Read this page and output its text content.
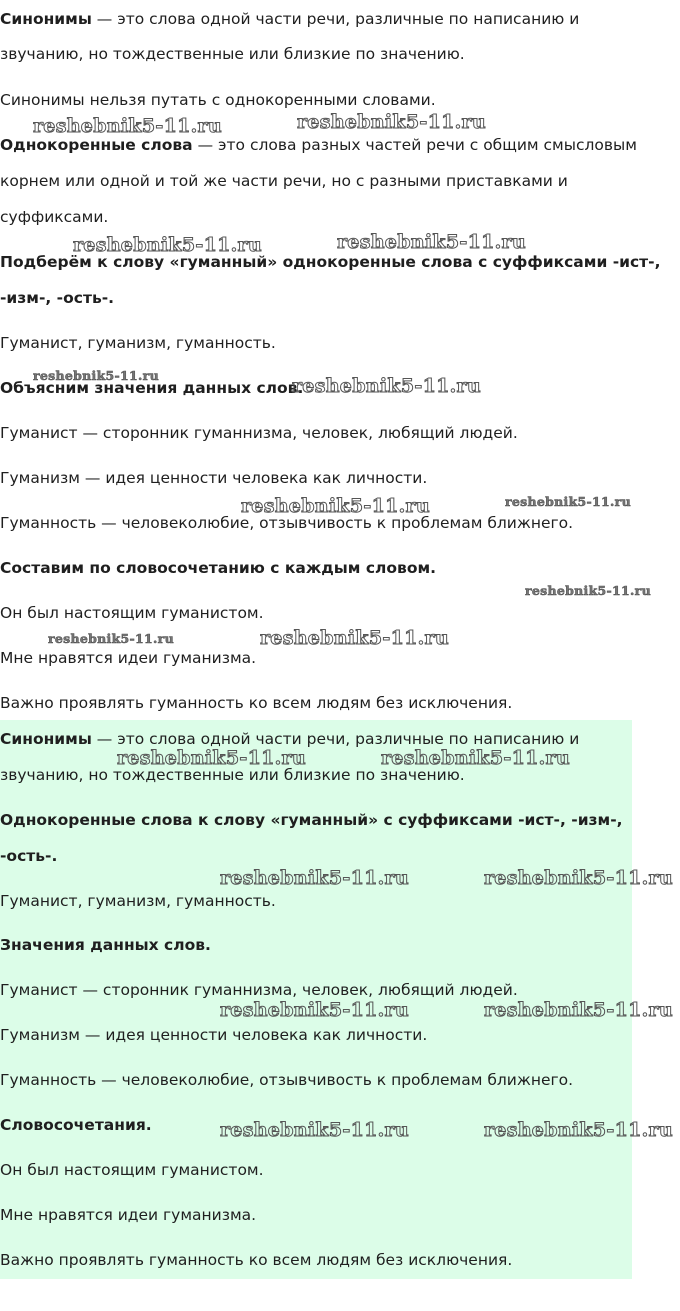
Синонимы — это слова одной части речи, различные по написанию и

звучанию, но тождественные или близкие по значению.

Синонимы нельзя путать с однокоренными словами.

Однокоренные слова — это слова разных частей речи с общим смысловым

корнем или одной и той же части речи, но с разными приставками и

суффиксами.

Подберём к слову «гуманный» однокоренные слова с суффиксами -ист-,

-изм-, -ость-.

Гуманист, гуманизм, гуманность.

Объясним значения данных слов.

Гуманист — сторонник гуманнизма, человек, любящий людей.

Гуманизм — идея ценности человека как личности.

Гуманность — человеколюбие, отзывчивость к проблемам ближнего.

Составим по словосочетанию с каждым словом.

Он был настоящим гуманистом.

Мне нравятся идеи гуманизма.

Важно проявлять гуманность ко всем людям без исключения.

Синонимы — это слова одной части речи, различные по написанию и

звучанию, но тождественные или близкие по значению.

Однокоренные слова к слову «гуманный» с суффиксами -ист-, -изм-,

-ость-.

Гуманист, гуманизм, гуманность.

Значения данных слов.

Гуманист — сторонник гуманнизма, человек, любящий людей.

Гуманизм — идея ценности человека как личности.

Гуманность — человеколюбие, отзывчивость к проблемам ближнего.

Словосочетания.

Он был настоящим гуманистом.

Мне нравятся идеи гуманизма.

Важно проявлять гуманность ко всем людям без исключения.

reshebnik5-11.ru	reshebnik5-11.ru
reshebnik5-11.ru	reshebnik5-11.ru
reshebnik5-11.ru	reshebnik5-11.ru
reshebnik5-11.ru	reshebnik5-11.ru
reshebnik5-11.ru
reshebnik5-11.ru	reshebnik5-11.ru
reshebnik5-11.ru	reshebnik5-11.ru
reshebnik5-11.ru	reshebnik5-11.ru
reshebnik5-11.ru	reshebnik5-11.ru
reshebnik5-11.ru	reshebnik5-11.ru
